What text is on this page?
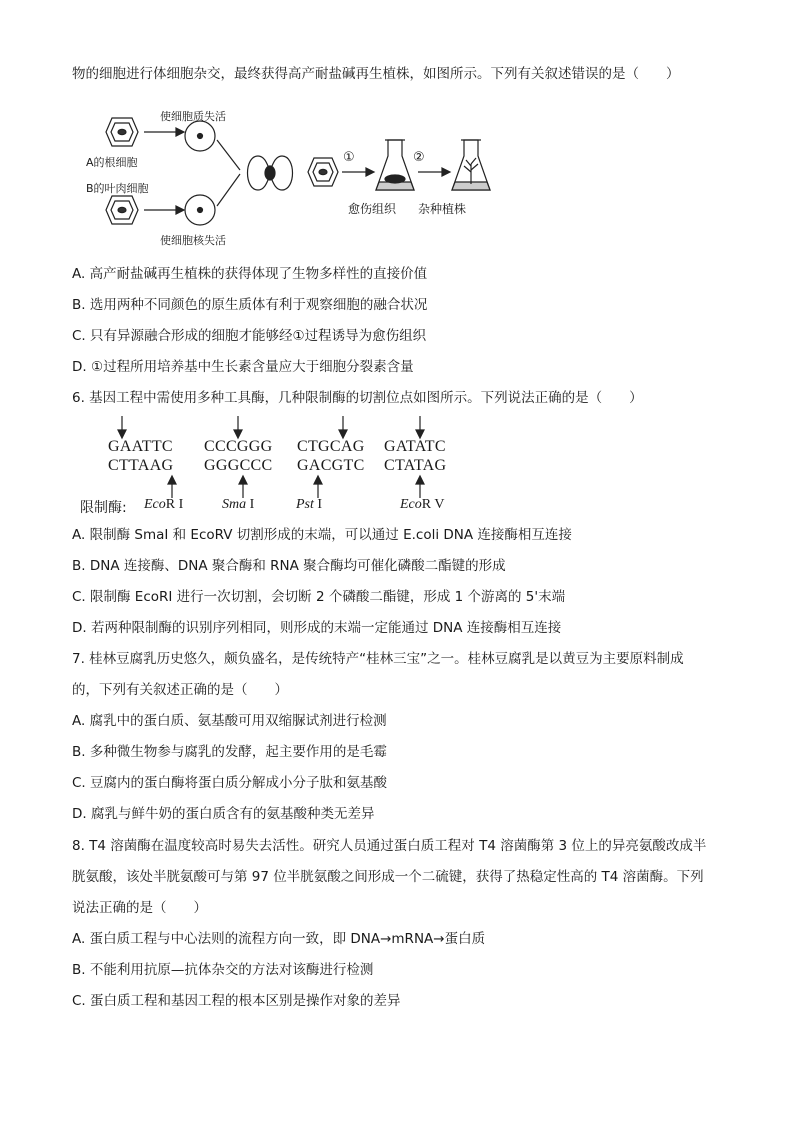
物的细胞进行体细胞杂交，最终获得高产耐盐碱再生植株，如图所示。下列有关叙述错误的是（　　）
使细胞质失活
A的根细胞
B的叶肉细胞
使细胞核失活
①	②
愈伤组织 杂种植株
A. 高产耐盐碱再生植株的获得体现了生物多样性的直接价值
B. 选用两种不同颜色的原生质体有利于观察细胞的融合状况
C. 只有异源融合形成的细胞才能够经①过程诱导为愈伤组织
D. ①过程所用培养基中生长素含量应大于细胞分裂素含量
6. 基因工程中需使用多种工具酶，几种限制酶的切割位点如图所示。下列说法正确的是（　　）
GAATTC CCCGGG CTGCAG GATATC
CTTAAG GGGCCC GACGTC CTATAG
限制酶: EcoR I	Sma I	Pst I	EcoR V
A. 限制酶 SmaI 和 EcoRV 切割形成的末端，可以通过 E.coli DNA 连接酶相互连接
B. DNA 连接酶、DNA 聚合酶和 RNA 聚合酶均可催化磷酸二酯键的形成
C. 限制酶 EcoRI 进行一次切割，会切断 2 个磷酸二酯键，形成 1 个游离的 5'末端
D. 若两种限制酶的识别序列相同，则形成的末端一定能通过 DNA 连接酶相互连接
7. 桂林豆腐乳历史悠久，颇负盛名，是传统特产“桂林三宝”之一。桂林豆腐乳是以黄豆为主要原料制成
的，下列有关叙述正确的是（　　）
A. 腐乳中的蛋白质、氨基酸可用双缩脲试剂进行检测
B. 多种微生物参与腐乳的发酵，起主要作用的是毛霉
C. 豆腐内的蛋白酶将蛋白质分解成小分子肽和氨基酸
D. 腐乳与鲜牛奶的蛋白质含有的氨基酸种类无差异
8. T4 溶菌酶在温度较高时易失去活性。研究人员通过蛋白质工程对 T4 溶菌酶第 3 位上的异亮氨酸改成半
胱氨酸，该处半胱氨酸可与第 97 位半胱氨酸之间形成一个二硫键，获得了热稳定性高的 T4 溶菌酶。下列
说法正确的是（　　）
A. 蛋白质工程与中心法则的流程方向一致，即 DNA→mRNA→蛋白质
B. 不能利用抗原—抗体杂交的方法对该酶进行检测
C. 蛋白质工程和基因工程的根本区别是操作对象的差异
